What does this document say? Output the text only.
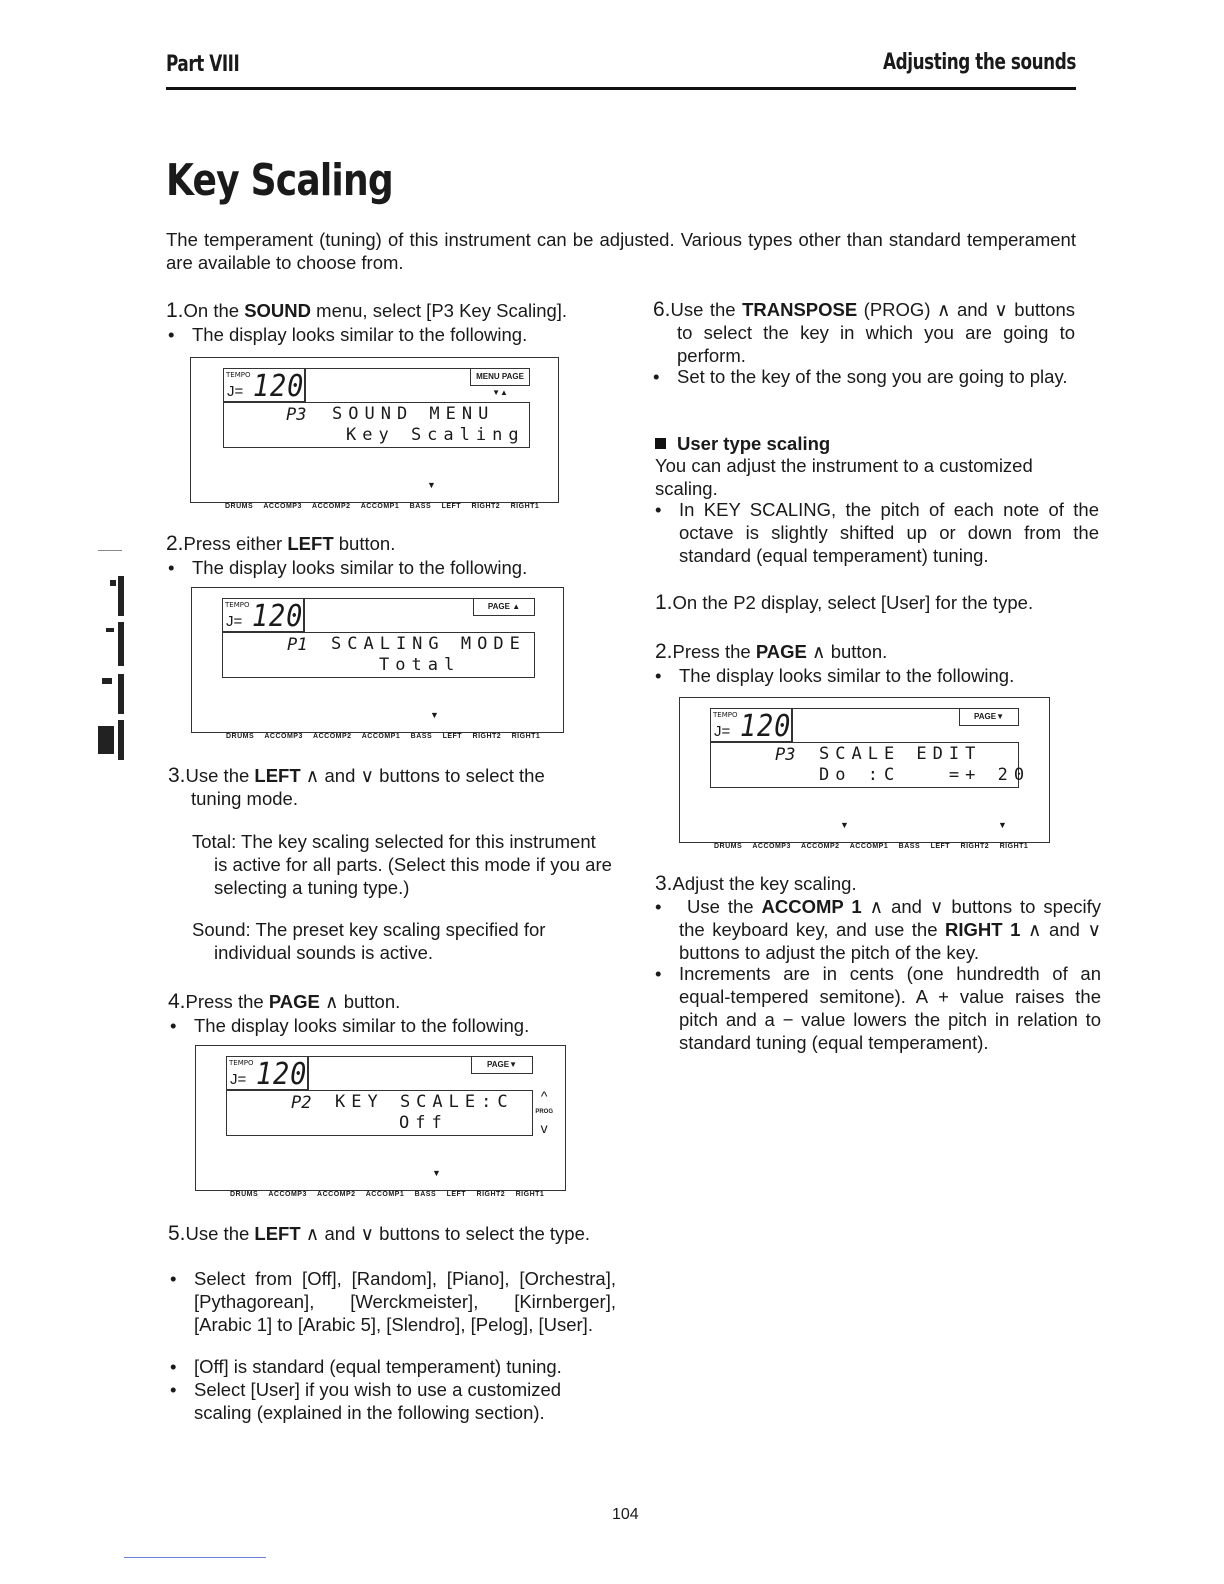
Part VIII	Adjusting the sounds
Key Scaling
The temperament (tuning) of this instrument can be adjusted. Various types other than standard temperament are available to choose from.
1.On the SOUND menu, select [P3 Key Scaling].
• The display looks similar to the following.
TEMPO
J= 120	MENU PAGE ▼▲
P3 SOUND MENU
Key Scaling
▼
DRUMS ACCOMP3 ACCOMP2 ACCOMP1 BASS LEFT RIGHT2 RIGHT1
2.Press either LEFT button.
• The display looks similar to the following.
TEMPO
J= 120	PAGE ▲
P1 SCALING MODE
Total
▼
DRUMS ACCOMP3 ACCOMP2 ACCOMP1 BASS LEFT RIGHT2 RIGHT1
3.Use the LEFT ∧ and ∨ buttons to select the tuning mode.
Total: The key scaling selected for this instrument is active for all parts. (Select this mode if you are selecting a tuning type.)
Sound: The preset key scaling specified for individual sounds is active.
4.Press the PAGE ∧ button.
• The display looks similar to the following.
TEMPO
J= 120	PAGE▼
P2 KEY SCALE:C
Off
^
PROG
v
▼
DRUMS ACCOMP3 ACCOMP2 ACCOMP1 BASS LEFT RIGHT2 RIGHT1
5.Use the LEFT ∧ and ∨ buttons to select the type.
• Select from [Off], [Random], [Piano], [Orchestra], [Pythagorean], [Werckmeister], [Kirnberger], [Arabic 1] to [Arabic 5], [Slendro], [Pelog], [User].
• [Off] is standard (equal temperament) tuning.
• Select [User] if you wish to use a customized scaling (explained in the following section).
6.Use the TRANSPOSE (PROG) ∧ and ∨ buttons to select the key in which you are going to perform.
• Set to the key of the song you are going to play.
User type scaling
You can adjust the instrument to a customized scaling.
• In KEY SCALING, the pitch of each note of the octave is slightly shifted up or down from the standard (equal temperament) tuning.
1.On the P2 display, select [User] for the type.
2.Press the PAGE ∧ button.
• The display looks similar to the following.
TEMPO
J= 120	PAGE▼
P3 SCALE EDIT
Do :C   =+ 20
▼	▼
DRUMS ACCOMP3 ACCOMP2 ACCOMP1 BASS LEFT RIGHT2 RIGHT1
3.Adjust the key scaling.
• Use the ACCOMP 1 ∧ and ∨ buttons to specify the keyboard key, and use the RIGHT 1 ∧ and ∨ buttons to adjust the pitch of the key.
• Increments are in cents (one hundredth of an equal-tempered semitone). A + value raises the pitch and a − value lowers the pitch in relation to standard tuning (equal temperament).
104
